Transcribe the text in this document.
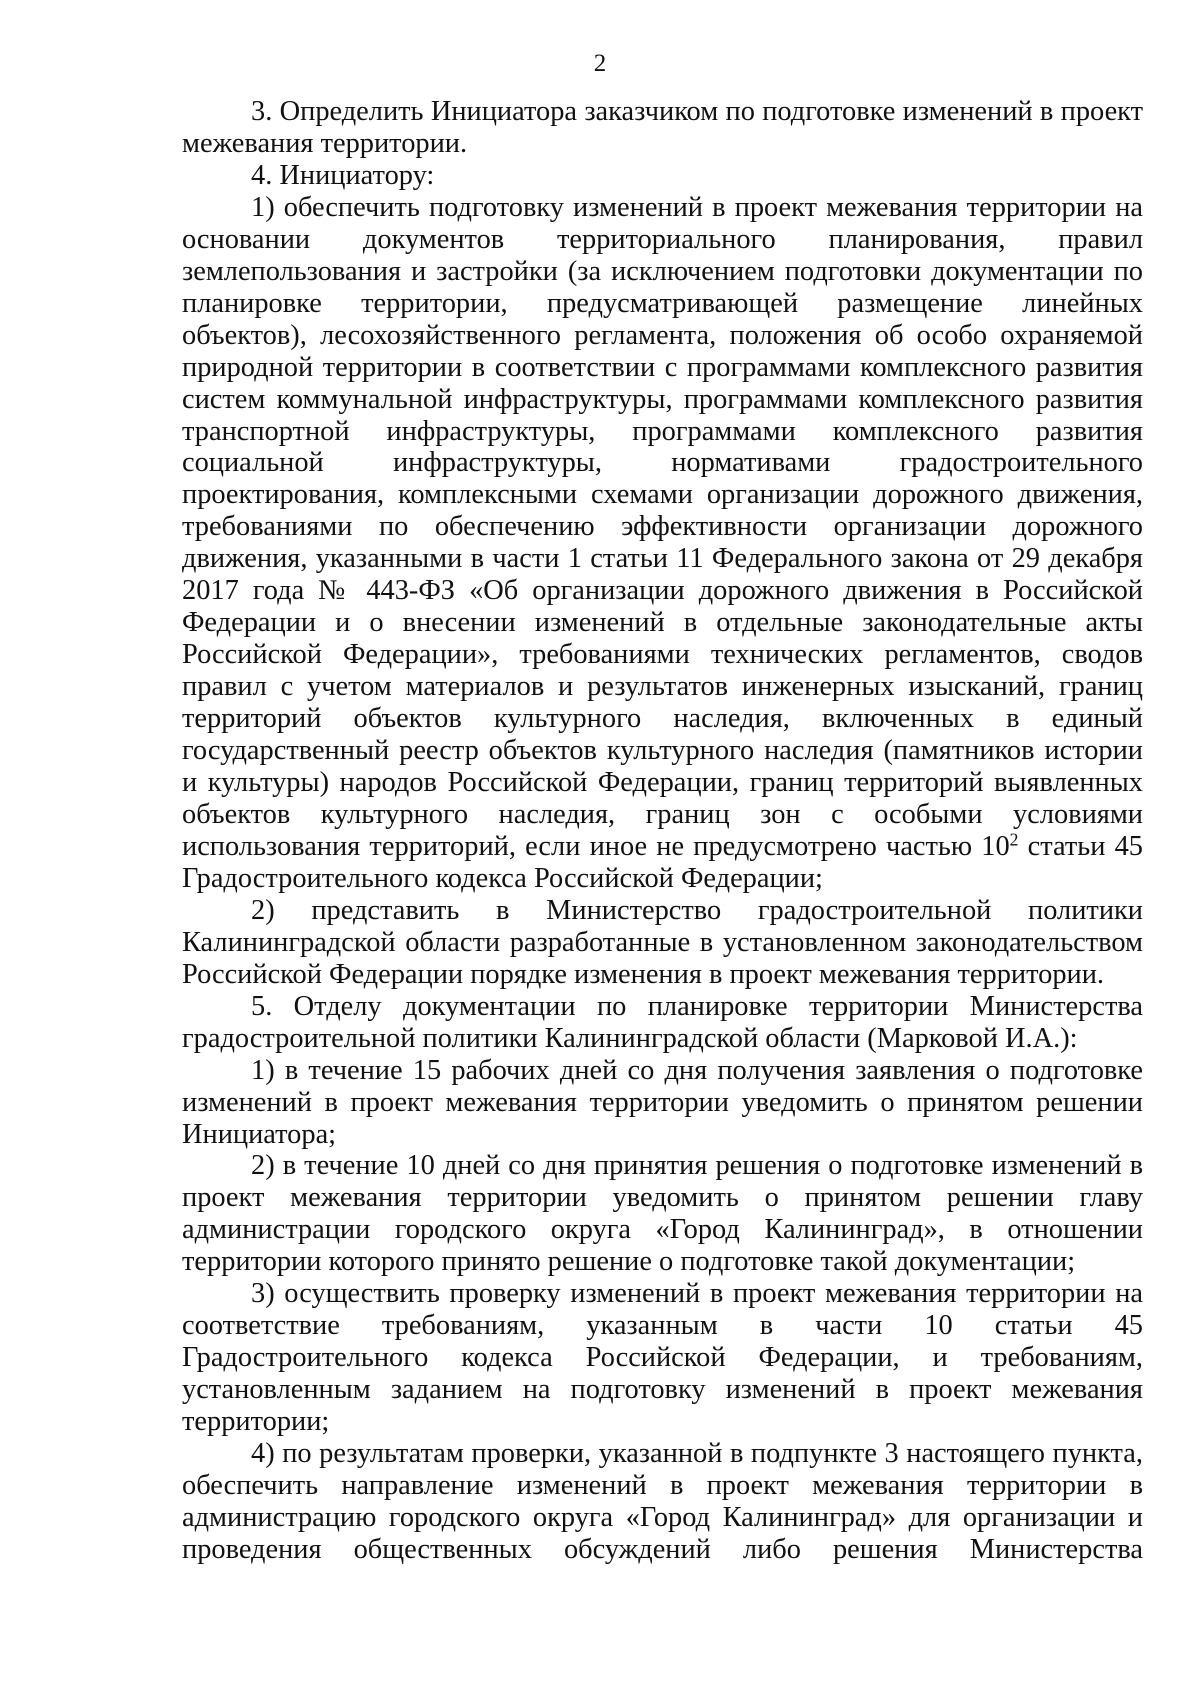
2

3. Определить Инициатора заказчиком по подготовке изменений в проект межевания территории.

4. Инициатору:

1) обеспечить подготовку изменений в проект межевания территории на основании документов территориального планирования, правил землепользования и застройки (за исключением подготовки документации по планировке территории, предусматривающей размещение линейных объектов), лесохозяйственного регламента, положения об особо охраняемой природной территории в соответствии с программами комплексного развития систем коммунальной инфраструктуры, программами комплексного развития транспортной инфраструктуры, программами комплексного развития социальной инфраструктуры, нормативами градостроительного проектирования, комплексными схемами организации дорожного движения, требованиями по обеспечению эффективности организации дорожного движения, указанными в части 1 статьи 11 Федерального закона от 29 декабря 2017 года № 443-ФЗ «Об организации дорожного движения в Российской Федерации и о внесении изменений в отдельные законодательные акты Российской Федерации», требованиями технических регламентов, сводов правил с учетом материалов и результатов инженерных изысканий, границ территорий объектов культурного наследия, включенных в единый государственный реестр объектов культурного наследия (памятников истории и культуры) народов Российской Федерации, границ территорий выявленных объектов культурного наследия, границ зон с особыми условиями использования территорий, если иное не предусмотрено частью $10^2$ статьи 45 Градостроительного кодекса Российской Федерации;

2) представить в Министерство градостроительной политики Калининградской области разработанные в установленном законодательством Российской Федерации порядке изменения в проект межевания территории.

5. Отделу документации по планировке территории Министерства градостроительной политики Калининградской области (Марковой И.А.):

1) в течение 15 рабочих дней со дня получения заявления о подготовке изменений в проект межевания территории уведомить о принятом решении Инициатора;

2) в течение 10 дней со дня принятия решения о подготовке изменений в проект межевания территории уведомить о принятом решении главу администрации городского округа «Город Калининград», в отношении территории которого принято решение о подготовке такой документации;

3) осуществить проверку изменений в проект межевания территории на соответствие требованиям, указанным в части 10 статьи 45 Градостроительного кодекса Российской Федерации, и требованиям, установленным заданием на подготовку изменений в проект межевания территории;

4) по результатам проверки, указанной в подпункте 3 настоящего пункта, обеспечить направление изменений в проект межевания территории в администрацию городского округа «Город Калининград» для организации и проведения общественных обсуждений либо решения Министерства
